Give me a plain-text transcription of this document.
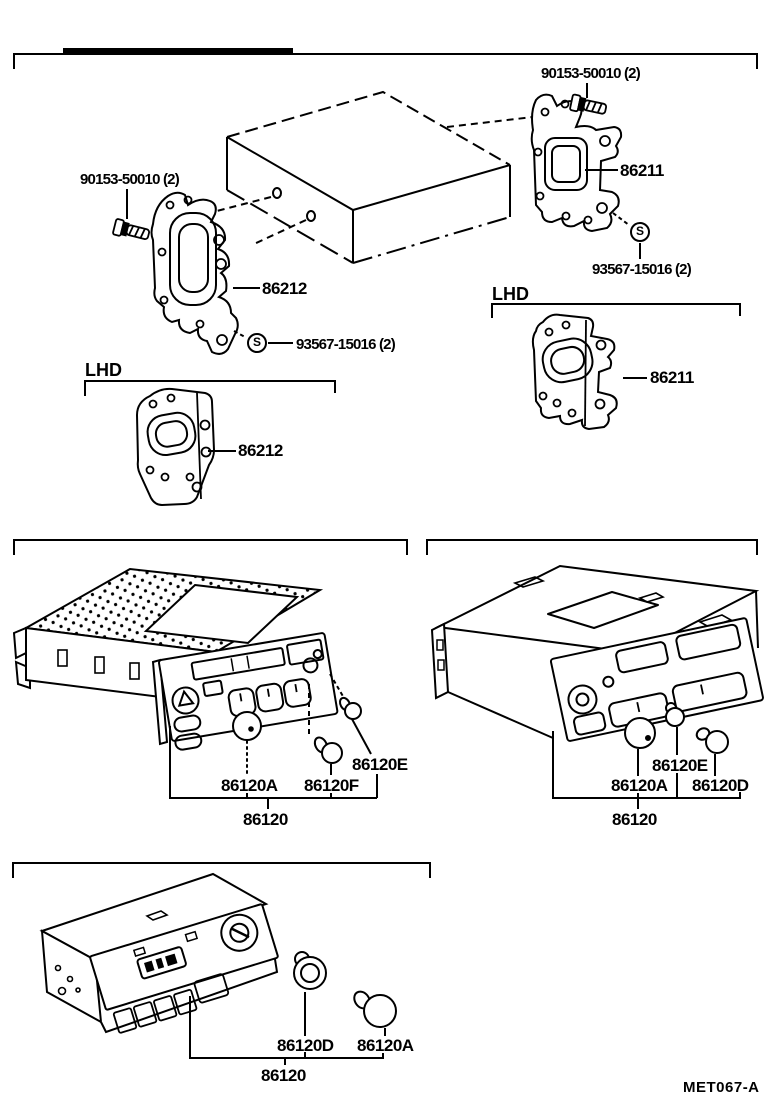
90153-50010 (2)
90153-50010 (2)
86212
86211
93567-15016 (2)
93567-15016 (2)
LHD
LHD
86212
86211
S
S
86120E
86120A 86120F
86120
86120E
86120A 86120D
86120
86120D 86120A
86120
MET067-A
